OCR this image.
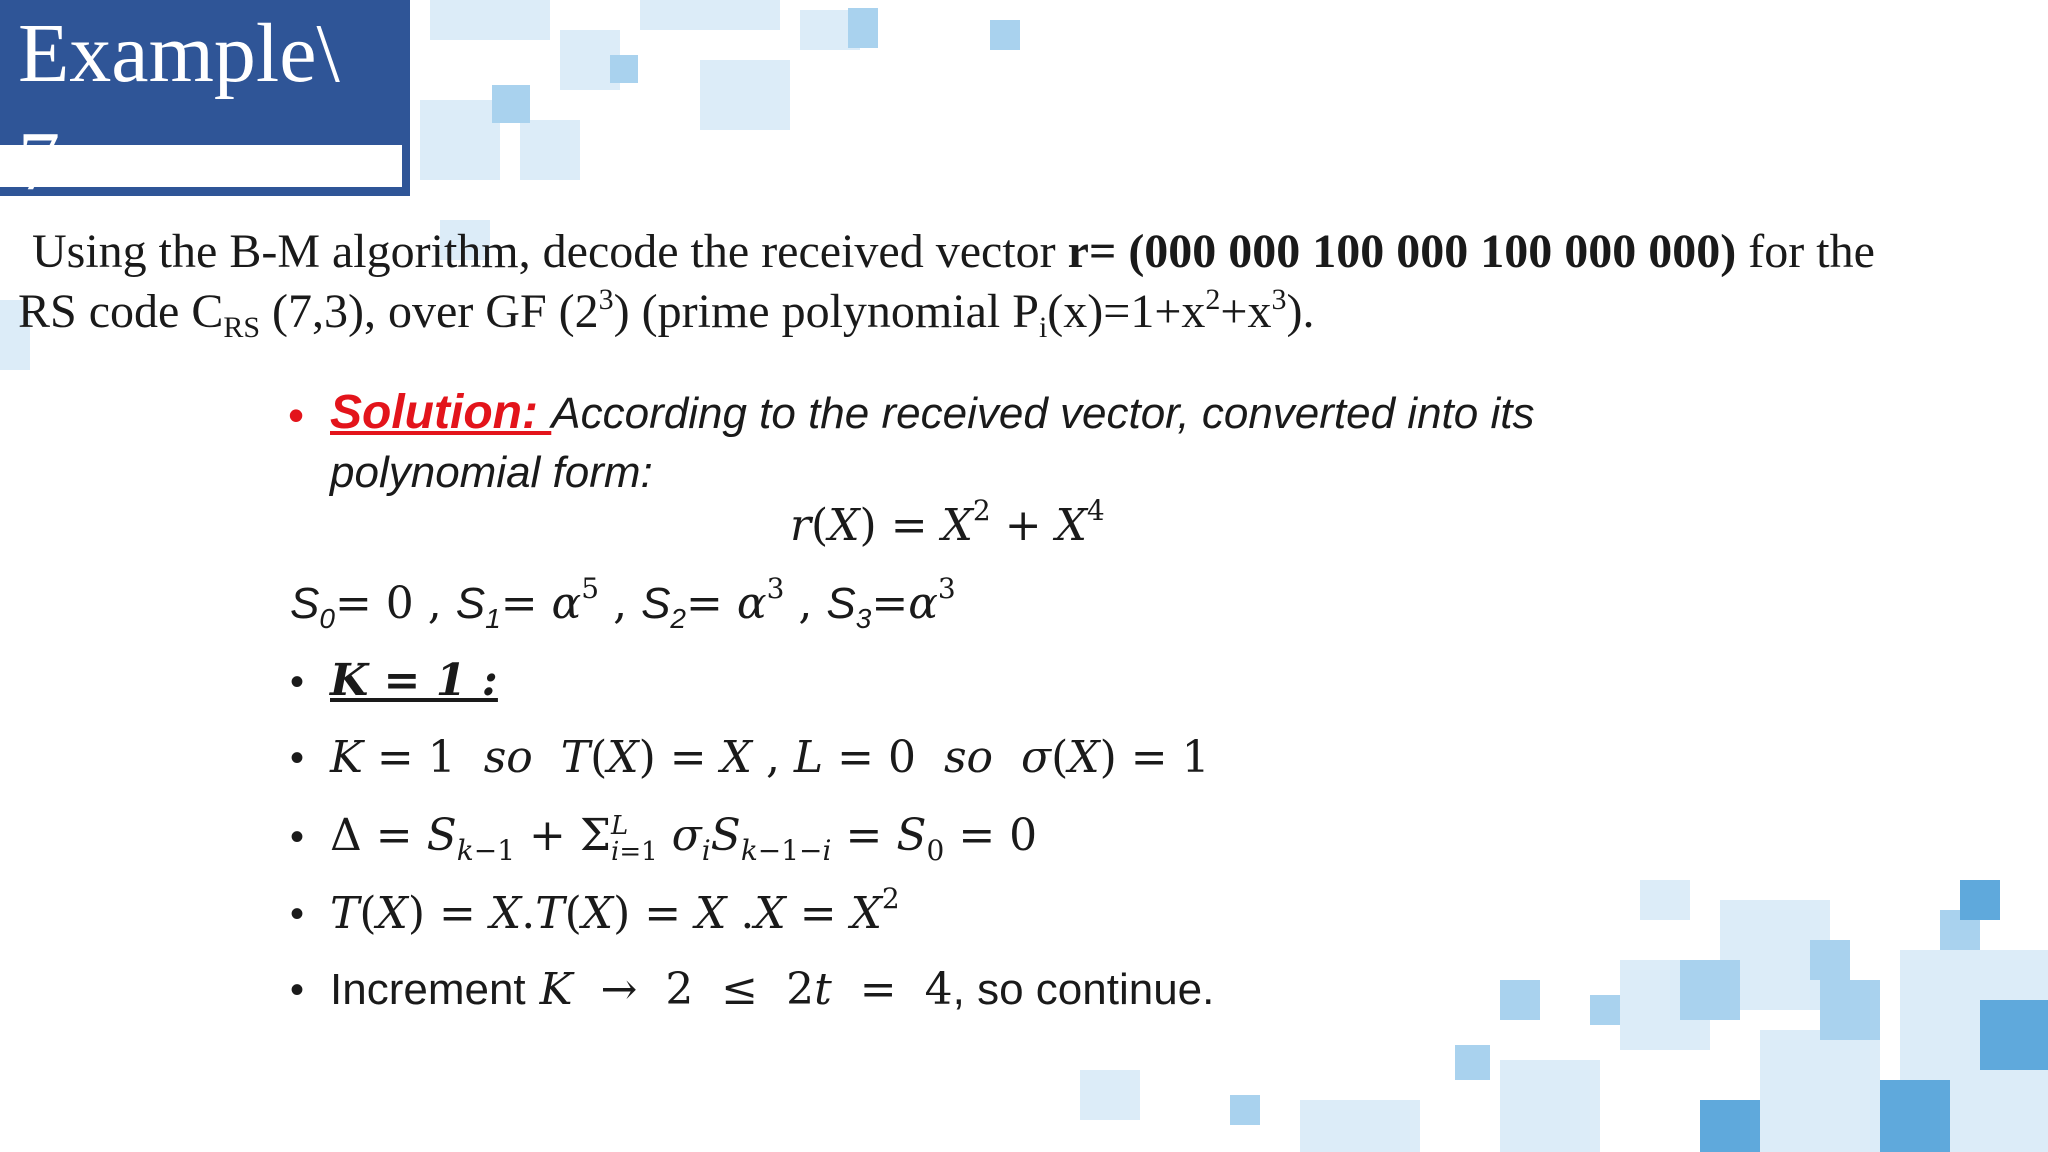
Example\
Using the B-M algorithm, decode the received vector r= (000 000 100 000 100 000 000) for the
RS code $C_{RS}$ (7,3), over GF $(2^3)$ (prime polynomial $P_i(x)=1+x^2+x^3$).
• Solution: According to the received vector, converted into its
polynomial form:
$r(X) = X^2 + X^4$
$S_0= 0$ , $S_1= \alpha^5$ , $S_2= \alpha^3$ , $S_3=\alpha^3$
• K = 1 :
• K = 1  so T(X) = X , L = 0  so σ(X) = 1
• $\Delta = S_{k-1} + \Sigma L$
i=1 $\sigma_iS_{k-1-i} = S_0 = 0$
• T(X) = X.T(X) = X $.X = X^2$
• Increment K  →  2  ≤  2t  =  4, so continue.
